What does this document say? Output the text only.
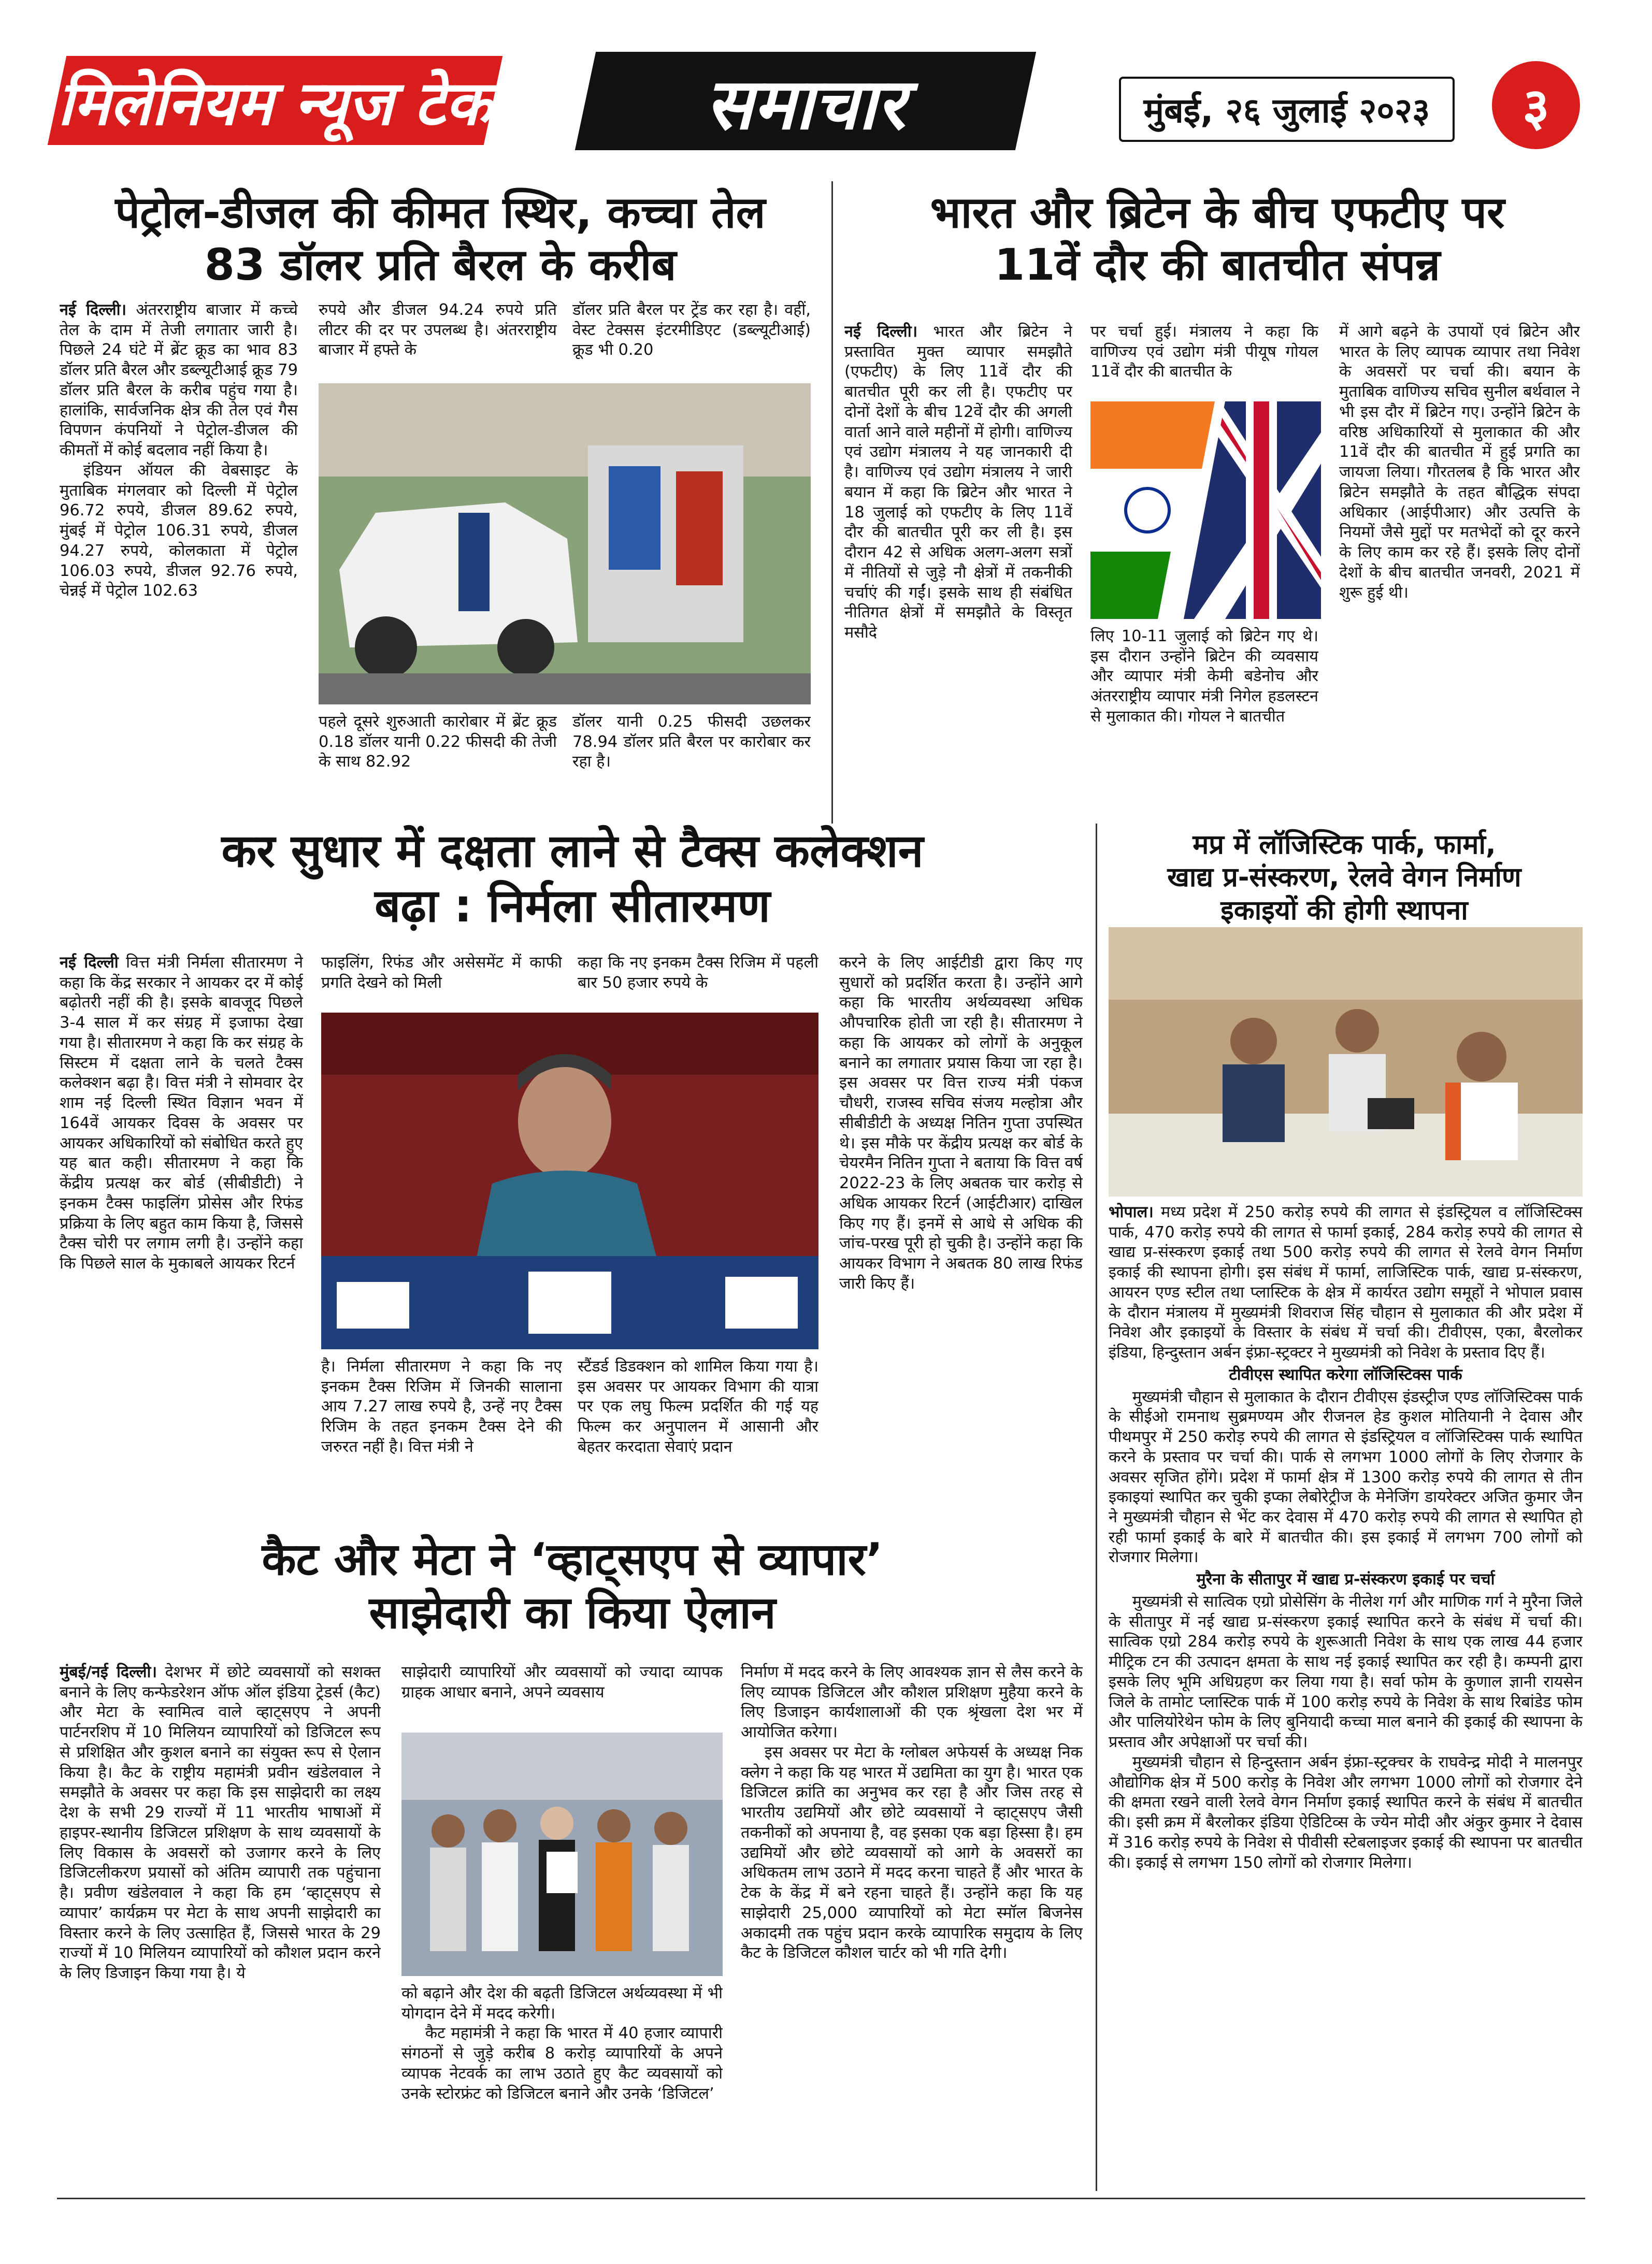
मिलेनियम न्यूज टेक	समाचार	मुंबई, २६ जुलाई २०२३	३
पेट्रोल-डीजल की कीमत स्थिर, कच्चा तेल
83 डॉलर प्रति बैरल के करीब

नई दिल्ली। अंतरराष्ट्रीय बाजार में कच्चे तेल के दाम में तेजी लगातार जारी है। पिछले 24 घंटे में ब्रेंट क्रूड का भाव 83 डॉलर प्रति बैरल और डब्ल्यूटीआई क्रूड 79 डॉलर प्रति बैरल के करीब पहुंच गया है। हालांकि, सार्वजनिक क्षेत्र की तेल एवं गैस विपणन कंपनियों ने पेट्रोल-डीजल की कीमतों में कोई बदलाव नहीं किया है।

इंडियन ऑयल की वेबसाइट के मुताबिक मंगलवार को दिल्ली में पेट्रोल 96.72 रुपये, डीजल 89.62 रुपये, मुंबई में पेट्रोल 106.31 रुपये, डीजल 94.27 रुपये, कोलकाता में पेट्रोल 106.03 रुपये, डीजल 92.76 रुपये, चेन्नई में पेट्रोल 102.63

रुपये और डीजल 94.24 रुपये प्रति लीटर की दर पर उपलब्ध है। अंतरराष्ट्रीय बाजार में हफ्ते के
डॉलर प्रति बैरल पर ट्रेंड कर रहा है। वहीं, वेस्ट टेक्सस इंटरमीडिएट (डब्ल्यूटीआई) क्रूड भी 0.20
पहले दूसरे शुरुआती कारोबार में ब्रेंट क्रूड 0.18 डॉलर यानी 0.22 फीसदी की तेजी के साथ 82.92
डॉलर यानी 0.25 फीसदी उछलकर 78.94 डॉलर प्रति बैरल पर कारोबार कर रहा है।
भारत और ब्रिटेन के बीच एफटीए पर
11वें दौर की बातचीत संपन्न

नई दिल्ली। भारत और ब्रिटेन ने प्रस्तावित मुक्त व्यापार समझौते (एफटीए) के लिए 11वें दौर की बातचीत पूरी कर ली है। एफटीए पर दोनों देशों के बीच 12वें दौर की अगली वार्ता आने वाले महीनों में होगी। वाणिज्य एवं उद्योग मंत्रालय ने यह जानकारी दी है। वाणिज्य एवं उद्योग मंत्रालय ने जारी बयान में कहा कि ब्रिटेन और भारत ने 18 जुलाई को एफटीए के लिए 11वें दौर की बातचीत पूरी कर ली है। इस दौरान 42 से अधिक अलग-अलग सत्रों में नीतियों से जुड़े नौ क्षेत्रों में तकनीकी चर्चाएं की गईं। इसके साथ ही संबंधित नीतिगत क्षेत्रों में समझौते के विस्तृत मसौदे

पर चर्चा हुई। मंत्रालय ने कहा कि वाणिज्य एवं उद्योग मंत्री पीयूष गोयल 11वें दौर की बातचीत के
लिए 10-11 जुलाई को ब्रिटेन गए थे। इस दौरान उन्होंने ब्रिटेन की व्यवसाय और व्यापार मंत्री केमी बडेनोच और अंतरराष्ट्रीय व्यापार मंत्री निगेल हडलस्टन से मुलाकात की। गोयल ने बातचीत
में आगे बढ़ने के उपायों एवं ब्रिटेन और भारत के लिए व्यापक व्यापार तथा निवेश के अवसरों पर चर्चा की। बयान के मुताबिक वाणिज्य सचिव सुनील बर्थवाल ने भी इस दौर में ब्रिटेन गए। उन्होंने ब्रिटेन के वरिष्ठ अधिकारियों से मुलाकात की और 11वें दौर की बातचीत में हुई प्रगति का जायजा लिया। गौरतलब है कि भारत और ब्रिटेन समझौते के तहत बौद्धिक संपदा अधिकार (आईपीआर) और उत्पत्ति के नियमों जैसे मुद्दों पर मतभेदों को दूर करने के लिए काम कर रहे हैं। इसके लिए दोनों देशों के बीच बातचीत जनवरी, 2021 में शुरू हुई थी।
कर सुधार में दक्षता लाने से टैक्स कलेक्शन
बढ़ा : निर्मला सीतारमण

नई दिल्ली वित्त मंत्री निर्मला सीतारमण ने कहा कि केंद्र सरकार ने आयकर दर में कोई बढ़ोतरी नहीं की है। इसके बावजूद पिछले 3-4 साल में कर संग्रह में इजाफा देखा गया है। सीतारमण ने कहा कि कर संग्रह के सिस्टम में दक्षता लाने के चलते टैक्स कलेक्शन बढ़ा है। वित्त मंत्री ने सोमवार देर शाम नई दिल्ली स्थित विज्ञान भवन में 164वें आयकर दिवस के अवसर पर आयकर अधिकारियों को संबोधित करते हुए यह बात कही। सीतारमण ने कहा कि केंद्रीय प्रत्यक्ष कर बोर्ड (सीबीडीटी) ने इनकम टैक्स फाइलिंग प्रोसेस और रिफंड प्रक्रिया के लिए बहुत काम किया है, जिससे टैक्स चोरी पर लगाम लगी है। उन्होंने कहा कि पिछले साल के मुकाबले आयकर रिटर्न

फाइलिंग, रिफंड और असेसमेंट में काफी प्रगति देखने को मिली
कहा कि नए इनकम टैक्स रिजिम में पहली बार 50 हजार रुपये के
है। निर्मला सीतारमण ने कहा कि नए इनकम टैक्स रिजिम में जिनकी सालाना आय 7.27 लाख रुपये है, उन्हें नए टैक्स रिजिम के तहत इनकम टैक्स देने की जरुरत नहीं है। वित्त मंत्री ने
स्टैंडर्ड डिडक्शन को शामिल किया गया है। इस अवसर पर आयकर विभाग की यात्रा पर एक लघु फिल्म प्रदर्शित की गई यह फिल्म कर अनुपालन में आसानी और बेहतर करदाता सेवाएं प्रदान
करने के लिए आईटीडी द्वारा किए गए सुधारों को प्रदर्शित करता है। उन्होंने आगे कहा कि भारतीय अर्थव्यवस्था अधिक औपचारिक होती जा रही है। सीतारमण ने कहा कि आयकर को लोगों के अनुकूल बनाने का लगातार प्रयास किया जा रहा है। इस अवसर पर वित्त राज्य मंत्री पंकज चौधरी, राजस्व सचिव संजय मल्होत्रा और सीबीडीटी के अध्यक्ष नितिन गुप्ता उपस्थित थे। इस मौके पर केंद्रीय प्रत्यक्ष कर बोर्ड के चेयरमैन नितिन गुप्ता ने बताया कि वित्त वर्ष 2022-23 के लिए अबतक चार करोड़ से अधिक आयकर रिटर्न (आईटीआर) दाखिल किए गए हैं। इनमें से आधे से अधिक की जांच-परख पूरी हो चुकी है। उन्होंने कहा कि आयकर विभाग ने अबतक 80 लाख रिफंड जारी किए हैं।
मप्र में लॉजिस्टिक पार्क, फार्मा,
खाद्य प्र-संस्करण, रेलवे वेगन निर्माण
इकाइयों की होगी स्थापना

भोपाल। मध्य प्रदेश में 250 करोड़ रुपये की लागत से इंडस्ट्रियल व लॉजिस्टिक्स पार्क, 470 करोड़ रुपये की लागत से फार्मा इकाई, 284 करोड़ रुपये की लागत से खाद्य प्र-संस्करण इकाई तथा 500 करोड़ रुपये की लागत से रेलवे वेगन निर्माण इकाई की स्थापना होगी। इस संबंध में फार्मा, लाजिस्टिक पार्क, खाद्य प्र-संस्करण, आयरन एण्ड स्टील तथा प्लास्टिक के क्षेत्र में कार्यरत उद्योग समूहों ने भोपाल प्रवास के दौरान मंत्रालय में मुख्यमंत्री शिवराज सिंह चौहान से मुलाकात की और प्रदेश में निवेश और इकाइयों के विस्तार के संबंध में चर्चा की। टीवीएस, एका, बैरलोकर इंडिया, हिन्दुस्तान अर्बन इंफ्रा-स्ट्रक्टर ने मुख्यमंत्री को निवेश के प्रस्ताव दिए हैं।

टीवीएस स्थापित करेगा लॉजिस्टिक्स पार्क

मुख्यमंत्री चौहान से मुलाकात के दौरान टीवीएस इंडस्ट्रीज एण्ड लॉजिस्टिक्स पार्क के सीईओ रामनाथ सुब्रमण्यम और रीजनल हेड कुशल मोतियानी ने देवास और पीथमपुर में 250 करोड़ रुपये की लागत से इंडस्ट्रियल व लॉजिस्टिक्स पार्क स्थापित करने के प्रस्ताव पर चर्चा की। पार्क से लगभग 1000 लोगों के लिए रोजगार के अवसर सृजित होंगे। प्रदेश में फार्मा क्षेत्र में 1300 करोड़ रुपये की लागत से तीन इकाइयां स्थापित कर चुकी इप्का लेबोरेट्रीज के मेनेजिंग डायरेक्टर अजित कुमार जैन ने मुख्यमंत्री चौहान से भेंट कर देवास में 470 करोड़ रुपये की लागत से स्थापित हो रही फार्मा इकाई के बारे में बातचीत की। इस इकाई में लगभग 700 लोगों को रोजगार मिलेगा।

मुरैना के सीतापुर में खाद्य प्र-संस्करण इकाई पर चर्चा

मुख्यमंत्री से सात्विक एग्रो प्रोसेसिंग के नीलेश गर्ग और माणिक गर्ग ने मुरैना जिले के सीतापुर में नई खाद्य प्र-संस्करण इकाई स्थापित करने के संबंध में चर्चा की। सात्विक एग्रो 284 करोड़ रुपये के शुरूआती निवेश के साथ एक लाख 44 हजार मीट्रिक टन की उत्पादन क्षमता के साथ नई इकाई स्थापित कर रही है। कम्पनी द्वारा इसके लिए भूमि अधिग्रहण कर लिया गया है। सर्वा फोम के कुणाल ज्ञानी रायसेन जिले के तामोट प्लास्टिक पार्क में 100 करोड़ रुपये के निवेश के साथ रिबांडेड फोम और पालियोरेथेन फोम के लिए बुनियादी कच्चा माल बनाने की इकाई की स्थापना के प्रस्ताव और अपेक्षाओं पर चर्चा की।

मुख्यमंत्री चौहान से हिन्दुस्तान अर्बन इंफ्रा-स्ट्रक्चर के राघवेन्द्र मोदी ने मालनपुर औद्योगिक क्षेत्र में 500 करोड़ के निवेश और लगभग 1000 लोगों को रोजगार देने की क्षमता रखने वाली रेलवे वेगन निर्माण इकाई स्थापित करने के संबंध में बातचीत की। इसी क्रम में बैरलोकर इंडिया ऐडिटिव्स के ज्येन मोदी और अंकुर कुमार ने देवास में 316 करोड़ रुपये के निवेश से पीवीसी स्टेबलाइजर इकाई की स्थापना पर बातचीत की। इकाई से लगभग 150 लोगों को रोजगार मिलेगा।

कैट और मेटा ने ‘व्हाट्सएप से व्यापार’
साझेदारी का किया ऐलान

मुंबई/नई दिल्ली। देशभर में छोटे व्यवसायों को सशक्त बनाने के लिए कन्फेडरेशन ऑफ ऑल इंडिया ट्रेडर्स (कैट) और मेटा के स्वामित्व वाले व्हाट्सएप ने अपनी पार्टनरशिप में 10 मिलियन व्यापारियों को डिजिटल रूप से प्रशिक्षित और कुशल बनाने का संयुक्त रूप से ऐलान किया है। कैट के राष्ट्रीय महामंत्री प्रवीन खंडेलवाल ने समझौते के अवसर पर कहा कि इस साझेदारी का लक्ष्य देश के सभी 29 राज्यों में 11 भारतीय भाषाओं में हाइपर-स्थानीय डिजिटल प्रशिक्षण के साथ व्यवसायों के लिए विकास के अवसरों को उजागर करने के लिए डिजिटलीकरण प्रयासों को अंतिम व्यापारी तक पहुंचाना है। प्रवीण खंडेलवाल ने कहा कि हम ‘व्हाट्सएप से व्यापार’ कार्यक्रम पर मेटा के साथ अपनी साझेदारी का विस्तार करने के लिए उत्साहित हैं, जिससे भारत के 29 राज्यों में 10 मिलियन व्यापारियों को कौशल प्रदान करने के लिए डिजाइन किया गया है। ये

साझेदारी व्यापारियों और व्यवसायों को ज्यादा व्यापक ग्राहक आधार बनाने, अपने व्यवसाय

को बढ़ाने और देश की बढ़ती डिजिटल अर्थव्यवस्था में भी योगदान देने में मदद करेगी।

कैट महामंत्री ने कहा कि भारत में 40 हजार व्यापारी संगठनों से जुड़े करीब 8 करोड़ व्यापारियों के अपने व्यापक नेटवर्क का लाभ उठाते हुए कैट व्यवसायों को उनके स्टोरफ्रंट को डिजिटल बनाने और उनके ‘डिजिटल’

निर्माण में मदद करने के लिए आवश्यक ज्ञान से लैस करने के लिए व्यापक डिजिटल और कौशल प्रशिक्षण मुहैया करने के लिए डिजाइन कार्यशालाओं की एक श्रृंखला देश भर में आयोजित करेगा।

इस अवसर पर मेटा के ग्लोबल अफेयर्स के अध्यक्ष निक क्लेग ने कहा कि यह भारत में उद्यमिता का युग है। भारत एक डिजिटल क्रांति का अनुभव कर रहा है और जिस तरह से भारतीय उद्यमियों और छोटे व्यवसायों ने व्हाट्सएप जैसी तकनीकों को अपनाया है, वह इसका एक बड़ा हिस्सा है। हम उद्यमियों और छोटे व्यवसायों को आगे के अवसरों का अधिकतम लाभ उठाने में मदद करना चाहते हैं और भारत के टेक के केंद्र में बने रहना चाहते हैं। उन्होंने कहा कि यह साझेदारी 25,000 व्यापारियों को मेटा स्मॉल बिजनेस अकादमी तक पहुंच प्रदान करके व्यापारिक समुदाय के लिए कैट के डिजिटल कौशल चार्टर को भी गति देगी।
